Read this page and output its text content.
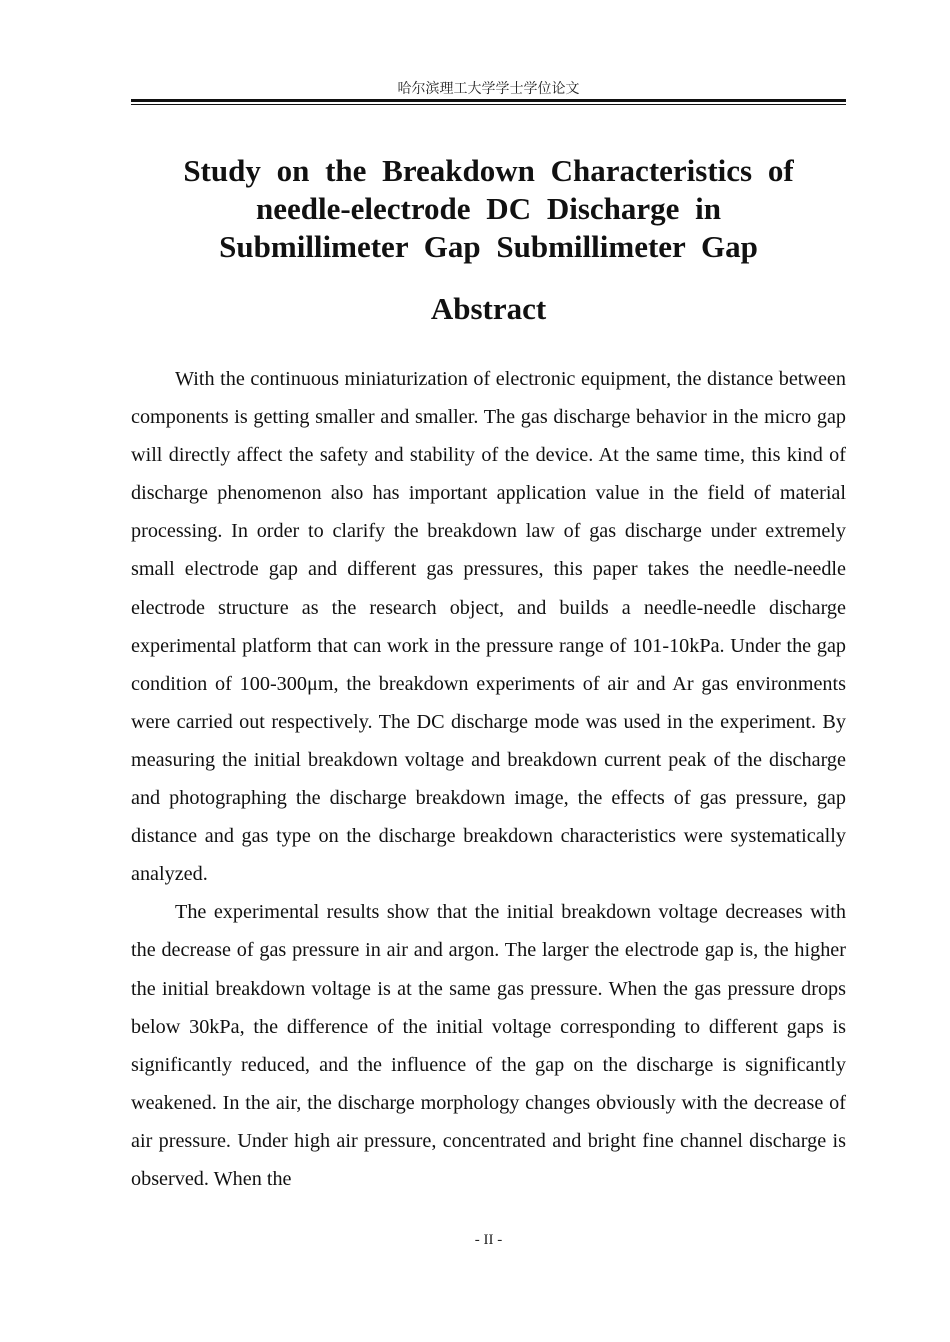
哈尔滨理工大学学士学位论文
Study on the Breakdown Characteristics of
needle-electrode DC Discharge in
Submillimeter Gap Submillimeter Gap
Abstract

With the continuous miniaturization of electronic equipment, the distance between components is getting smaller and smaller. The gas discharge behavior in the micro gap will directly affect the safety and stability of the device. At the same time, this kind of discharge phenomenon also has important application value in the field of material processing. In order to clarify the breakdown law of gas discharge under extremely small electrode gap and different gas pressures, this paper takes the needle-needle electrode structure as the research object, and builds a needle-needle discharge experimental platform that can work in the pressure range of 101-10kPa. Under the gap condition of 100-300μm, the breakdown experiments of air and Ar gas environments were carried out respectively. The DC discharge mode was used in the experiment. By measuring the initial breakdown voltage and breakdown current peak of the discharge and photographing the discharge breakdown image, the effects of gas pressure, gap distance and gas type on the discharge breakdown characteristics were systematically analyzed.

The experimental results show that the initial breakdown voltage decreases with the decrease of gas pressure in air and argon. The larger the electrode gap is, the higher the initial breakdown voltage is at the same gas pressure. When the gas pressure drops below 30kPa, the difference of the initial voltage corresponding to different gaps is significantly reduced, and the influence of the gap on the discharge is significantly weakened. In the air, the discharge morphology changes obviously with the decrease of air pressure. Under high air pressure, concentrated and bright fine channel discharge is observed. When the

- II -
